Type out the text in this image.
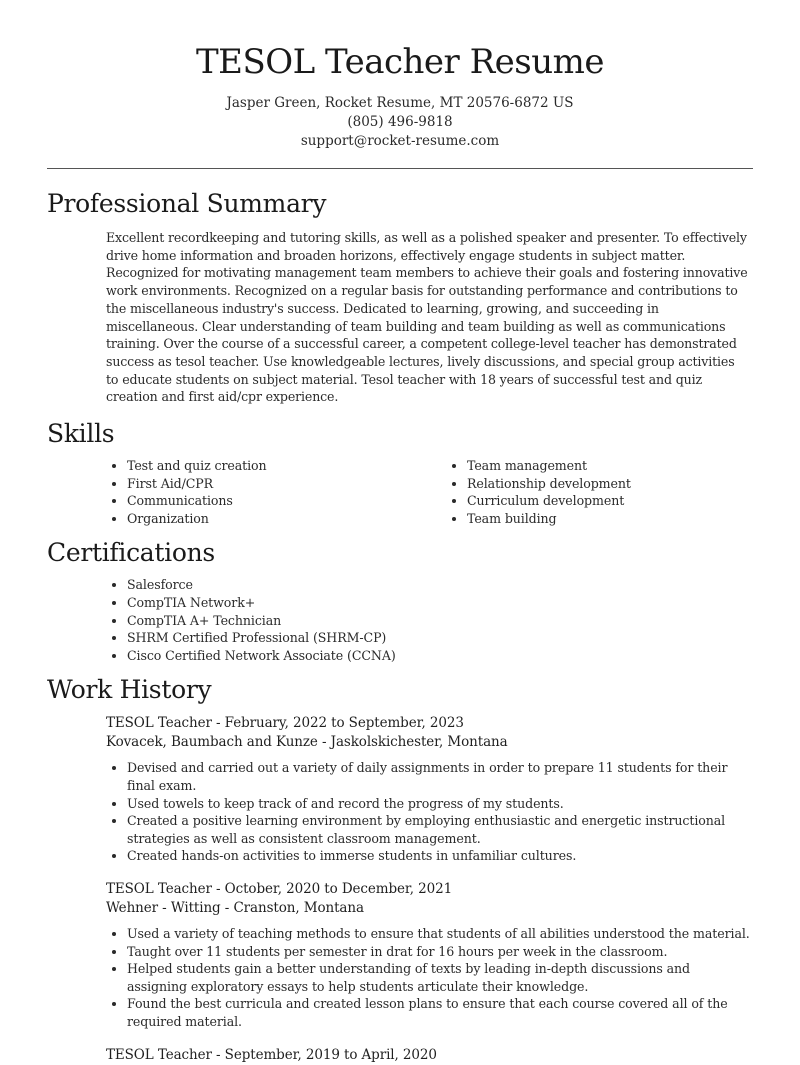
TESOL Teacher Resume
Jasper Green, Rocket Resume, MT 20576-6872 US
(805) 496-9818
support@rocket-resume.com
Professional Summary

Excellent recordkeeping and tutoring skills, as well as a polished speaker and presenter. To effectively drive home information and broaden horizons, effectively engage students in subject matter. Recognized for motivating management team members to achieve their goals and fostering innovative work environments. Recognized on a regular basis for outstanding performance and contributions to the miscellaneous industry's success. Dedicated to learning, growing, and succeeding in miscellaneous. Clear understanding of team building and team building as well as communications training. Over the course of a successful career, a competent college-level teacher has demonstrated success as tesol teacher. Use knowledgeable lectures, lively discussions, and special group activities to educate students on subject material. Tesol teacher with 18 years of successful test and quiz creation and first aid/cpr experience.

Skills
• Test and quiz creation
• First Aid/CPR
• Communications
• Organization
• Team management
• Relationship development
• Curriculum development
• Team building
Certifications
• Salesforce
• CompTIA Network+
• CompTIA A+ Technician
• SHRM Certified Professional (SHRM-CP)
• Cisco Certified Network Associate (CCNA)
Work History
TESOL Teacher - February, 2022 to September, 2023
Kovacek, Baumbach and Kunze - Jaskolskichester, Montana
• Devised and carried out a variety of daily assignments in order to prepare 11 students for their final exam.
• Used towels to keep track of and record the progress of my students.
• Created a positive learning environment by employing enthusiastic and energetic instructional strategies as well as consistent classroom management.
• Created hands-on activities to immerse students in unfamiliar cultures.
TESOL Teacher - October, 2020 to December, 2021
Wehner - Witting - Cranston, Montana
• Used a variety of teaching methods to ensure that students of all abilities understood the material.
• Taught over 11 students per semester in drat for 16 hours per week in the classroom.
• Helped students gain a better understanding of texts by leading in-depth discussions and assigning exploratory essays to help students articulate their knowledge.
• Found the best curricula and created lesson plans to ensure that each course covered all of the required material.
TESOL Teacher - September, 2019 to April, 2020
